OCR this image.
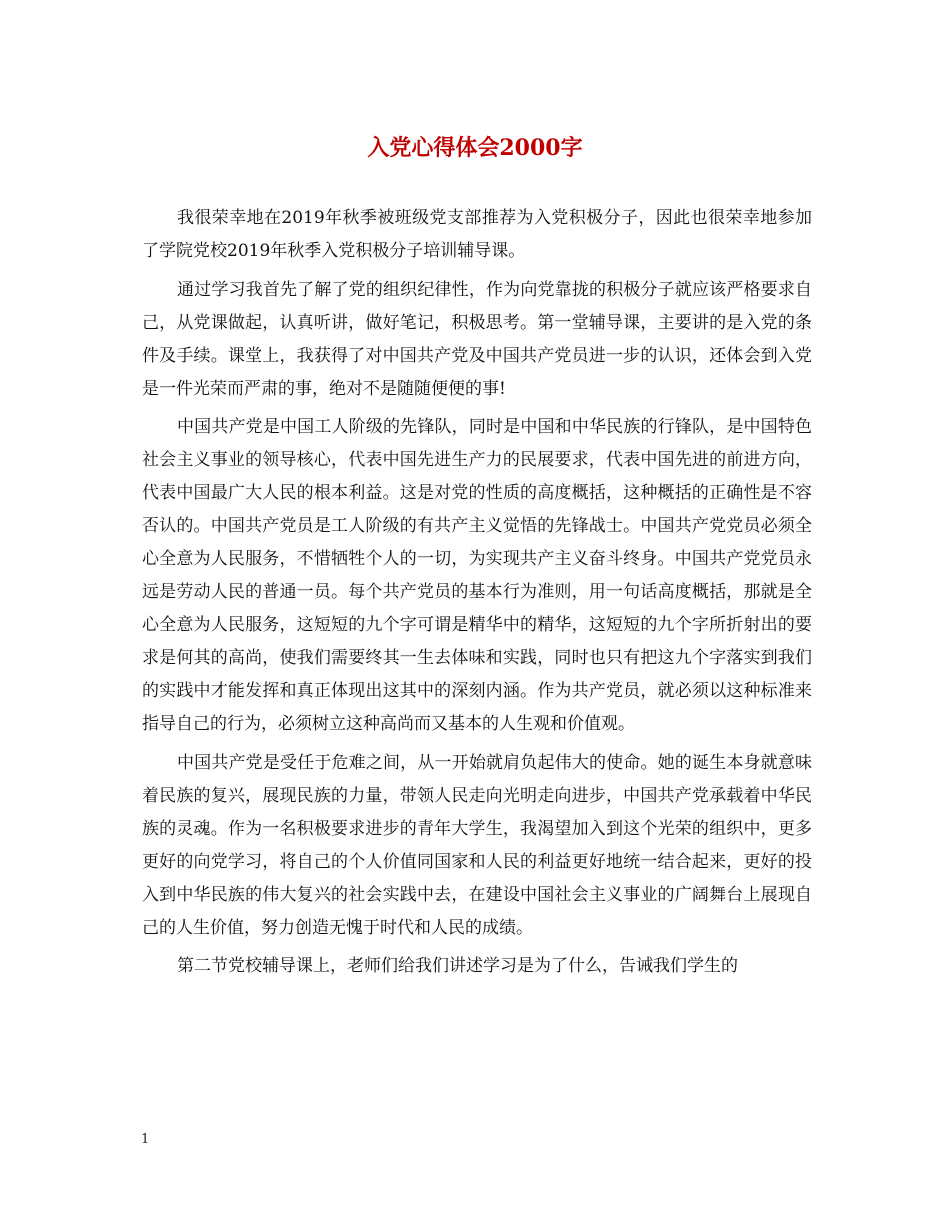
入党心得体会2000字

我很荣幸地在2019年秋季被班级党支部推荐为入党积极分子，因此也很荣幸地参加了学院党校2019年秋季入党积极分子培训辅导课。

通过学习我首先了解了党的组织纪律性，作为向党靠拢的积极分子就应该严格要求自己，从党课做起，认真听讲，做好笔记，积极思考。第一堂辅导课，主要讲的是入党的条件及手续。课堂上，我获得了对中国共产党及中国共产党员进一步的认识，还体会到入党是一件光荣而严肃的事，绝对不是随随便便的事!

中国共产党是中国工人阶级的先锋队，同时是中国和中华民族的行锋队，是中国特色社会主义事业的领导核心，代表中国先进生产力的民展要求，代表中国先进的前进方向，代表中国最广大人民的根本利益。这是对党的性质的高度概括，这种概括的正确性是不容否认的。中国共产党员是工人阶级的有共产主义觉悟的先锋战士。中国共产党党员必须全心全意为人民服务，不惜牺牲个人的一切，为实现共产主义奋斗终身。中国共产党党员永远是劳动人民的普通一员。每个共产党员的基本行为准则，用一句话高度概括，那就是全心全意为人民服务，这短短的九个字可谓是精华中的精华，这短短的九个字所折射出的要求是何其的高尚，使我们需要终其一生去体味和实践，同时也只有把这九个字落实到我们的实践中才能发挥和真正体现出这其中的深刻内涵。作为共产党员，就必须以这种标准来指导自己的行为，必须树立这种高尚而又基本的人生观和价值观。

中国共产党是受任于危难之间，从一开始就肩负起伟大的使命。她的诞生本身就意味着民族的复兴，展现民族的力量，带领人民走向光明走向进步，中国共产党承载着中华民族的灵魂。作为一名积极要求进步的青年大学生，我渴望加入到这个光荣的组织中，更多更好的向党学习，将自己的个人价值同国家和人民的利益更好地统一结合起来，更好的投入到中华民族的伟大复兴的社会实践中去，在建设中国社会主义事业的广阔舞台上展现自己的人生价值，努力创造无愧于时代和人民的成绩。

第二节党校辅导课上，老师们给我们讲述学习是为了什么，告诫我们学生的

1
